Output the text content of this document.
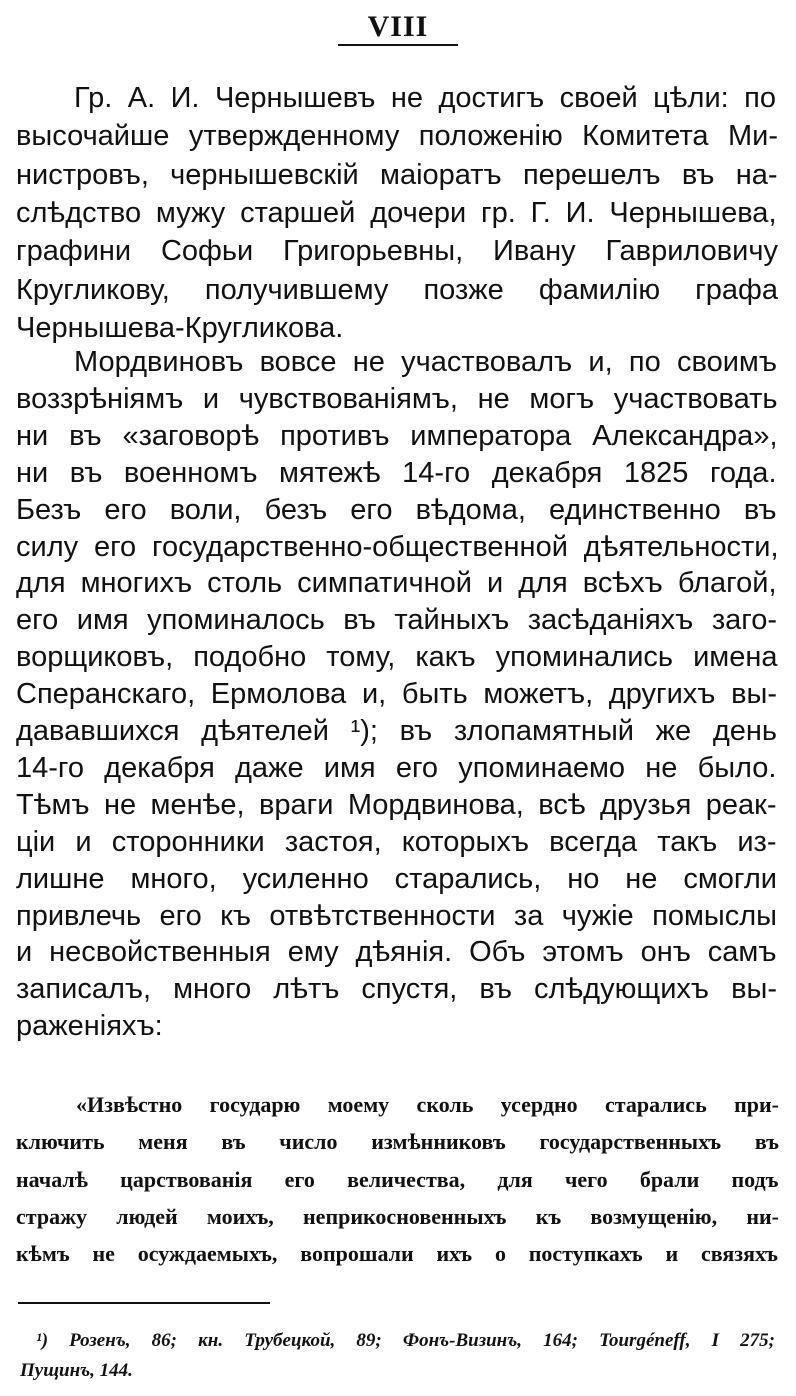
VIII
Гр. А. И. Чернышевъ не достигъ своей цѣли: по
высочайше утвержденному положенію Комитета Ми-
нистровъ, чернышевскій маіоратъ перешелъ въ на-
слѣдство мужу старшей дочери гр. Г. И. Чернышева,
графини Софьи Григорьевны, Ивану Гавриловичу
Кругликову, получившему позже фамилію графа
Чернышева-Кругликова.
Мордвиновъ вовсе не участвовалъ и, по своимъ
воззрѣніямъ и чувствованіямъ, не могъ участвовать
ни въ «заговорѣ противъ императора Александра»,
ни въ военномъ мятежѣ 14-го декабря 1825 года.
Безъ его воли, безъ его вѣдома, единственно въ
силу его государственно-общественной дѣятельности,
для многихъ столь симпатичной и для всѣхъ благой,
его имя упоминалось въ тайныхъ засѣданіяхъ заго-
ворщиковъ, подобно тому, какъ упоминались имена
Сперанскаго, Ермолова и, быть можетъ, другихъ вы-
дававшихся дѣятелей ¹); въ злопамятный же день
14-го декабря даже имя его упоминаемо не было.
Тѣмъ не менѣе, враги Мордвинова, всѣ друзья реак-
ціи и сторонники застоя, которыхъ всегда такъ из-
лишне много, усиленно старались, но не смогли
привлечь его къ отвѣтственности за чужіе помыслы
и несвойственныя ему дѣянія. Объ этомъ онъ самъ
записалъ, много лѣтъ спустя, въ слѣдующихъ вы-
раженіяхъ:
«Извѣстно государю моему сколь усердно старались при-
ключить меня въ число измѣнниковъ государственныхъ въ
началѣ царствованія его величества, для чего брали подъ
стражу людей моихъ, неприкосновенныхъ къ возмущенію, ни-
кѣмъ не осуждаемыхъ, вопрошали ихъ о поступкахъ и связяхъ
¹) Розенъ, 86; кн. Трубецкой, 89; Фонъ-Визинъ, 164; Tourgéneff, I 275;
Пущинъ, 144.
